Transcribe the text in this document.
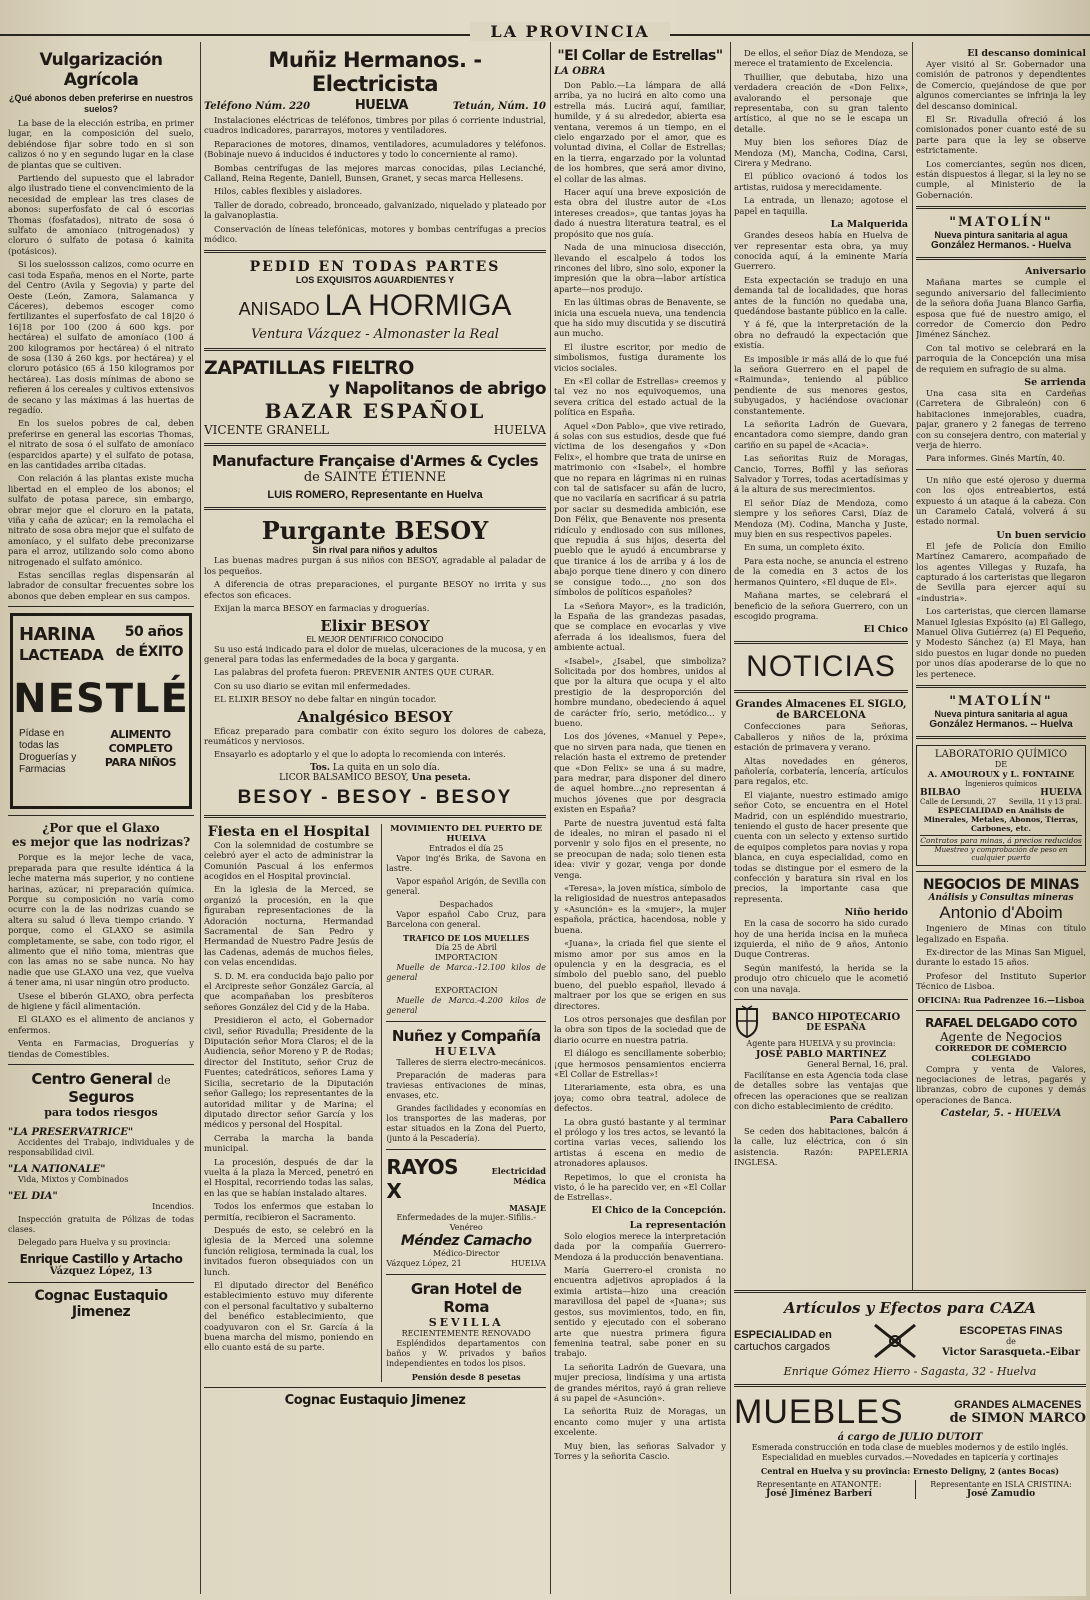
LA PROVINCIA
Vulgarización Agrícola
¿Qué abonos deben preferirse en nuestros suelos?

La base de la elección estriba, en primer lugar, en la composición del suelo, debiéndose fijar sobre todo en si son calizos ó no y en segundo lugar en la clase de plantas que se cultiven.

Partiendo del supuesto que el labrador algo ilustrado tiene el convencimiento de la necesidad de emplear las tres clases de abonos: superfosfato de cal ó escorias Thomas (fosfatados), nitrato de sosa ó sulfato de amoníaco (nitrogenados) y cloruro ó sulfato de potasa ó kainita (potásicos).

Si los suelossson calizos, como ocurre en casi toda España, menos en el Norte, parte del Centro (Avila y Segovia) y parte del Oeste (León, Zamora, Salamanca y Cáceres), debemos escoger como fertilizantes el superfosfato de cal 18|20 ó 16|18 por 100 (200 á 600 kgs. por hectárea) el sulfato de amoníaco (100 á 200 kilogramos por hectárea) ó el nitrato de sosa (130 á 260 kgs. por hectárea) y el cloruro potásico (65 á 150 kilogramos por hectárea). Las dosis mínimas de abono se refieren á los cereales y cultivos extensivos de secano y las máximas á las huertas de regadío.

En los suelos pobres de cal, deben preferirse en general las escorias Thomas, el nitrato de sosa ó el sulfato de amoníaco (esparcidos aparte) y el sulfato de potasa, en las cantidades arriba citadas.

Con relación á las plantas existe mucha libertad en el empleo de los abonos; el sulfato de potasa parece, sin embargo, obrar mejor que el cloruro en la patata, viña y caña de azúcar; en la remolacha el nitrato de sosa obra mejor que el sulfato de amoníaco, y el sulfato debe preconizarse para el arroz, utilizando solo como abono nitrogenado el sulfato amónico.

Estas sencillas reglas dispensarán al labrador de consultar frecuentes sobre los abonos que deben emplear en sus campos.

HARINA
LACTEADA
50 años
de ÉXITO
NESTLÉ
Pídase en todas las Droguerías y Farmacias
ALIMENTO COMPLETO PARA NIÑOS
¿Por que el Glaxo
es mejor que las nodrizas?

Porque es la mejor leche de vaca, preparada para que resulte idéntica á la leche materna más superior, y no contiene harinas, azúcar, ni preparación química. Porque su composición no varía como ocurre con la de las nodrizas cuando se altera su salud ó lleva tiempo criando. Y porque, como el GLAXO se asimila completamente, se sabe, con todo rigor, el alimento que el niño toma, mientras que con las amas no se sabe nunca. No hay nadie que use GLAXO una vez, que vuelva á tener ama, ni usar ningún otro producto.

Usese el biberón GLAXO, obra perfecta de higiene y fácil alimentación.

El GLAXO es el alimento de ancianos y enfermos.

Venta en Farmacias, Droguerías y tiendas de Comestibles.

Centro General de Seguros
para todos riesgos
"LA PRESERVATRICE"

Accidentes del Trabajo, individuales y de responsabilidad civil.

"LA NATIONALE"

Vida, Mixtos y Combinados

"EL DIA"

Incendios.

Inspección gratuita de Pólizas de todas clases.

Delegado para Huelva y su provincia:

Enrique Castillo y Artacho
Vázquez López, 13
Cognac Eustaquio Jimenez
Muñiz Hermanos. - Electricista
Teléfono Núm. 220	HUELVA	Tetuán, Núm. 10

Instalaciones eléctricas de teléfonos, timbres por pilas ó corriente industrial, cuadros indicadores, pararrayos, motores y ventiladores.

Reparaciones de motores, dinamos, ventiladores, acumuladores y teléfonos. (Bobinaje nuevo á inducidos é inductores y todo lo concerniente al ramo).

Bombas centrífugas de las mejores marcas conocidas, pilas Lecianché, Calland, Reina Regente, Daniell, Bunsen, Granet, y secas marca Hellesens.

Hilos, cables flexibles y aisladores.

Taller de dorado, cobreado, bronceado, galvanizado, niquelado y plateado por la galvanoplastia.

Conservación de líneas telefónicas, motores y bombas centrífugas a precios módico.

PEDID EN TODAS PARTES
LOS EXQUISITOS AGUARDIENTES Y
ANISADO LA HORMIGA
Ventura Vázquez - Almonaster la Real
ZAPATILLAS FIELTRO
y Napolitanos de abrigo
BAZAR ESPAÑOL
VICENTE GRANELL	HUELVA
Manufacture Française d'Armes & Cycles
de SAINTE ÉTIENNE
LUIS ROMERO, Representante en Huelva
Purgante BESOY
Sin rival para niños y adultos

Las buenas madres purgan á sus niños con BESOY, agradable al paladar de los pequeños.

A diferencia de otras preparaciones, el purgante BESOY no irrita y sus efectos son eficaces.

Exijan la marca BESOY en farmacias y droguerías.

Elixir BESOY
EL MEJOR DENTIFRICO CONOCIDO

Su uso está indicado para el dolor de muelas, ulceraciones de la mucosa, y en general para todas las enfermedades de la boca y garganta.

Las palabras del profeta fueron: PREVENIR ANTES QUE CURAR.

Con su uso diario se evitan mil enfermedades.

EL ELIXIR BESOY no debe faltar en ningún tocador.

Analgésico BESOY

Eficaz preparado para combatir con éxito seguro los dolores de cabeza, reumáticos y nerviosos.

Ensayarlo es adoptarlo y el que lo adopta lo recomienda con interés.

Tos. La quita en un solo día.
LICOR BALSAMICO BESOY, Una peseta.
BESOY - BESOY - BESOY
Fiesta en el Hospital

Con la solemnidad de costumbre se celebró ayer el acto de administrar la Comunión Pascual á los enfermos acogidos en el Hospital provincial.

En la iglesia de la Merced, se organizó la procesión, en la que figuraban representaciones de la Adoración nocturna, Hermandad Sacramental de San Pedro y Hermandad de Nuestro Padre Jesús de las Cadenas, además de muchos fieles, con velas encendidas.

S. D. M. era conducida bajo palio por el Arcipreste señor González García, al que acompañaban los presbíteros señores González del Cid y de la Haba.

Presidieron el acto, el Gobernador civil, señor Rivadulla; Presidente de la Diputación señor Mora Claros; el de la Audiencia, señor Moreno y P. de Rodas; director del Instituto, señor Cruz de Fuentes; catedráticos, señores Lama y Sicilia, secretario de la Diputación señor Gallego; los representantes de la autoridad militar y de Marina; el diputado director señor García y los médicos y personal del Hospital.

Cerraba la marcha la banda municipal.

La procesión, después de dar la vuelta á la plaza la Merced, penetró en el Hospital, recorriendo todas las salas, en las que se habían instalado altares.

Todos los enfermos que estaban lo permitía, recibieron el Sacramento.

Después de esto, se celebró en la iglesia de la Merced una solemne función religiosa, terminada la cual, los invitados fueron obsequiados con un lunch.

El diputado director del Benéfico establecimiento estuvo muy diferente con el personal facultativo y subalterno del benéfico establecimiento, que coadyuvaron con el Sr. García á la buena marcha del mismo, poniendo en ello cuanto está de su parte.

MOVIMIENTO DEL PUERTO DE HUELVA
Entrados el día 25

Vapor ing'és Brika, de Savona en lastre.

Vapor español Arigón, de Sevilla con general.

Despachados

Vapor español Cabo Cruz, para Barcelona con general.

TRAFICO DE LOS MUELLES
Día 25 de Abril
IMPORTACION

Muelle de Marca.-12.100 kilos de general

EXPORTACION

Muelle de Marca.-4.200 kilos de general

Nuñez y Compañía
HUELVA

Talleres de sierra electro-mecánicos.

Preparación de maderas para traviesas entivaciones de minas, envases, etc.

Grandes facilidades y economías en los transportes de las maderas, por estar situados en la Zona del Puerto, (junto á la Pescadería).

RAYOS X
Electricidad Médica
MASAJE
Enfermedades de la mujer.-Sifilis.-Venéreo
Méndez Camacho
Médico-Director
Vázquez López, 21	HUELVA
Gran Hotel de Roma
SEVILLA
RECIENTEMENTE RENOVADO

Espléndidos departamentos con baños y W. privados y baños independientes en todos los pisos.

Pensión desde 8 pesetas
Cognac Eustaquio Jimenez
"El Collar de Estrellas"
LA OBRA

Don Pablo.—La lámpara de allá arriba, ya no lucirá en alto como una estrella más. Lucirá aquí, familiar, humilde, y á su alrededor, abierta esa ventana, veremos á un tiempo, en el cielo engarzado por el amor, que es voluntad divina, el Collar de Estrellas; en la tierra, engarzado por la voluntad de los hombres, que será amor divino, el collar de las almas.

Hacer aquí una breve exposición de esta obra del ilustre autor de «Los intereses creados», que tantas joyas ha dado á nuestra literatura teatral, es el propósito que nos guía.

Nada de una minuciosa disección, llevando el escalpelo á todos los rincones del libro, sino solo, exponer la impresión que la obra—labor artística aparte—nos produjo.

En las últimas obras de Benavente, se inicia una escuela nueva, una tendencia que ha sido muy discutida y se discutirá aun mucho.

El ilustre escritor, por medio de simbolismos, fustiga duramente los vicios sociales.

En «El collar de Estrellas» creemos y tal vez no nos equivoquemos, una severa crítica del estado actual de la política en España.

Aquel «Don Pablo», que vive retirado, á solas con sus estudios, desde que fué víctima de los desengaños y «Don Felix», el hombre que trata de unirse en matrimonio con «Isabel», el hombre que no repara en lágrimas ni en ruinas con tal de satisfacer su afán de lucro, que no vacilaría en sacrificar á su patria por saciar su desmedida ambición, ese Don Félix, que Benavente nos presenta ridículo y endiosado con sus millones, que repudia á sus hijos, deserta del pueblo que le ayudó á encumbrarse y que tiranice á los de arriba y á los de abajo porque tiene dinero y con dinero se consigue todo..., ¿no son dos símbolos de políticos españoles?

La «Señora Mayor», es la tradición, la España de las grandezas pasadas, que se complace en evocarlas y vive aferrada á los idealismos, fuera del ambiente actual.

«Isabel», ¿Isabel, que simboliza? Solicitada por dos hombres, unidos al que por la altura que ocupa y el alto prestigio de la desproporción del hombre mundano, obedeciendo á aquel de carácter frío, serio, metódico... y bueno.

Los dos jóvenes, «Manuel y Pepe», que no sirven para nada, que tienen en relación hasta el extremo de pretender que «Don Felix» se una á su madre, para medrar, para disponer del dinero de aquel hombre...¿no representan á muchos jóvenes que por desgracia existen en España?

Parte de nuestra juventud está falta de ideales, no miran el pasado ni el porvenir y solo fijos en el presente, no se preocupan de nada; solo tienen esta idea: vivir y gozar, venga por donde venga.

«Teresa», la joven mística, símbolo de la religiosidad de nuestros antepasados y «Asunción» es la «mujer», la mujer española, práctica, hacendosa, noble y buena.

«Juana», la criada fiel que siente el mismo amor por sus amos en la opulencia y en la desgracia, es el símbolo del pueblo sano, del pueblo bueno, del pueblo español, llevado á maltraer por los que se erigen en sus directores.

Los otros personajes que desfilan por la obra son tipos de la sociedad que de diario ocurre en nuestra patria.

El diálogo es sencillamente soberbio; ¡que hermosos pensamientos encierra «El Collar de Estrellas»!

Literariamente, esta obra, es una joya; como obra teatral, adolece de defectos.

La obra gustó bastante y al terminar el prólogo y los tres actos, se levantó la cortina varias veces, saliendo los artistas á escena en medio de atronadores aplausos.

Repetimos, lo que el cronista ha visto, ó le ha parecido ver, en «El Collar de Estrellas».

El Chico de la Concepción.
La representación

Solo elogios merece la interpretación dada por la compañía Guerrero-Mendoza á la producción benaventiana.

María Guerrero-el cronista no encuentra adjetivos apropiados á la eximia artista—hizo una creación maravillosa del papel de «Juana»; sus gestos, sus movimientos, todo, en fin, sentido y ejecutado con el soberano arte que nuestra primera figura femenina teatral, sabe poner en su trabajo.

La señorita Ladrón de Guevara, una mujer preciosa, lindísima y una artista de grandes méritos, rayó á gran relieve á su papel de «Asunción».

La señorita Ruiz de Moragas, un encanto como mujer y una artista excelente.

Muy bien, las señoras Salvador y Torres y la señorita Cascio.

De ellos, el señor Díaz de Mendoza, se merece el tratamiento de Excelencia.

Thuillier, que debutaba, hizo una verdadera creación de «Don Felix», avalorando el personaje que representaba, con su gran talento artístico, al que no se le escapa un detalle.

Muy bien los señores Díaz de Mendoza (M), Mancha, Codina, Carsi, Cirera y Medrano.

El público ovacionó á todos los artistas, ruidosa y merecidamente.

La entrada, un llenazo; agotose el papel en taquilla.

La Malquerida

Grandes deseos había en Huelva de ver representar esta obra, ya muy conocida aquí, á la eminente María Guerrero.

Esta expectación se tradujo en una demanda tal de localidades, que horas antes de la función no quedaba una, quedándose bastante público en la calle.

Y á fé, que la interpretación de la obra no defraudó la expectación que existía.

Es imposible ir más allá de lo que fué la señora Guerrero en el papel de «Raimunda», teniendo al público pendiente de sus menores gestos, subyugados, y haciéndose ovacionar constantemente.

La señorita Ladrón de Guevara, encantadora como siempre, dando gran cariño en su papel de «Acacia».

Las señoritas Ruiz de Moragas, Cancio, Torres, Boffil y las señoras Salvador y Torres, todas acertadísimas y á la altura de sus merecimientos.

El señor Díaz de Mendoza, como siempre y los señores Carsi, Díaz de Mendoza (M). Codina, Mancha y Juste, muy bien en sus respectivos papeles.

En suma, un completo éxito.

Para esta noche, se anuncia el estreno de la comedia en 3 actos de los hermanos Quintero, «El duque de El».

Mañana martes, se celebrará el beneficio de la señora Guerrero, con un escogido programa.

El Chico
NOTICIAS
Grandes Almacenes EL SIGLO,
de BARCELONA

Confecciones para Señoras, Caballeros y niños de la, próxima estación de primavera y verano.

Altas novedades en géneros, pañolería, corbatería, lencería, artículos para regalos, etc.

El viajante, nuestro estimado amigo señor Coto, se encuentra en el Hotel Madrid, con un espléndido muestrario, teniendo el gusto de hacer presente que cuenta con un selecto y extenso surtido de equipos completos para novias y ropa blanca, en cuya especialidad, como en todas se distingue por el esmero de la confección y baratura sin rival en los precios, la importante casa que representa.

Niño herido

En la casa de socorro ha sido curado hoy de una herida incisa en la muñeca izquierda, el niño de 9 años, Antonio Duque Contreras.

Según manifestó, la herida se la produjo otro chicuelo que le acometió con una navaja.

BANCO HIPOTECARIO
DE ESPAÑA
Agente para HUELVA y su provincia:
JOSÉ PABLO MARTINEZ
General Bernal, 16, pral.

Facilítanse en esta Agencia toda clase de detalles sobre las ventajas que ofrecen las operaciones que se realizan con dicho establecimiento de crédito.

Para Caballero

Se ceden dos habitaciones, balcón á la calle, luz eléctrica, con ó sin asistencia. Razón: PAPELERIA INGLESA.

El descanso dominical

Ayer visitó al Sr. Gobernador una comisión de patronos y dependientes de Comercio, quejándose de que por algunos comerciantes se infrinja la ley del descanso dominical.

El Sr. Rivadulla ofreció á los comisionados poner cuanto esté de su parte para que la ley se observe estrictamente.

Los comerciantes, según nos dicen, están dispuestos á llegar, si la ley no se cumple, al Ministerio de la Gobernación.

"MATOLÍN"
Nueva pintura sanitaria al agua
González Hermanos. - Huelva
Aniversario

Mañana martes se cumple el segundo aniversario del fallecimiento de la señora doña Juana Blanco Garfia, esposa que fué de nuestro amigo, el corredor de Comercio don Pedro Jiménez Sánchez.

Con tal motivo se celebrará en la parroquia de la Concepción una misa de requiem en sufragio de su alma.

Se arrienda

Una casa sita en Cardeñas (Carretera de Gibraleón) con 6 habitaciones inmejorables, cuadra, pajar, granero y 2 fanegas de terreno con su consejera dentro, con material y verja de hierro.

Para informes. Ginés Martín, 40.

Un niño que esté ojeroso y duerma con los ojos entreabiertos, está expuesto á un ataque á la cabeza. Con un Caramelo Catalá, volverá á su estado normal.

Un buen servicio

El jefe de Policía don Emilio Martínez Camarero, acompañado de los agentes Villegas y Ruzafa, ha capturado á los carteristas que llegaron de Sevilla para ejercer aquí su «industria».

Los carteristas, que ciercen llamarse Manuel Iglesias Expósito (a) El Gallego, Manuel Oliva Gutiérrez (a) El Pequeño, y Modesto Sánchez (a) El Maya, han sido puestos en lugar donde no pueden por unos días apoderarse de lo que no les pertenece.

"MATOLÍN"
Nueva pintura sanitaria al agua
González Hermanos. -- Huelva
LABORATORIO QUÍMICO
DE
A. AMOUROUX y L. FONTAINE
Ingenieros químicos
BILBAO	HUELVA
Calle de Lersundi, 27 Sevilla, 11 y 13 pral.
ESPECIALIDAD en Análisis de Minerales, Metales, Abonos, Tierras, Carbones, etc.
Contratos para minas, á precios reducidos
Muestreo y comprobación de peso en cualquier puerto
NEGOCIOS DE MINAS
Análisis y Consultas mineras
Antonio d'Aboim

Ingeniero de Minas con título legalizado en España.

Ex-director de las Minas San Miguel, durante lo estado 15 años.

Profesor del Instituto Superior Técnico de Lisboa.

OFICINA: Rua Padrenzee 16.—Lisboa
RAFAEL DELGADO COTO
Agente de Negocios
CORREDOR DE COMERCIO COLEGIADO

Compra y venta de Valores, negociaciones de letras, pagarés y libranzas, cobro de cupones y demás operaciones de Banca.

Castelar, 5. - HUELVA
Artículos y Efectos para CAZA
ESPECIALIDAD en
cartuchos cargados
ESCOPETAS FINAS
de
Victor Sarasqueta.-Eibar
Enrique Gómez Hierro - Sagasta, 32 - Huelva
MUEBLES	GRANDES ALMACENES
de SIMON MARCO
á cargo de JULIO DUTOIT

Esmerada construcción en toda clase de muebles modernos y de estilo inglés. Especialidad en muebles curvados.—Novedades en tapicería y cortinajes

Central en Huelva y su provincia: Ernesto Deligny, 2 (antes Bocas)
Representante en ATANONTE:
José Jiménez Barberí
Representante en ISLA CRISTINA:
José Zamudio
